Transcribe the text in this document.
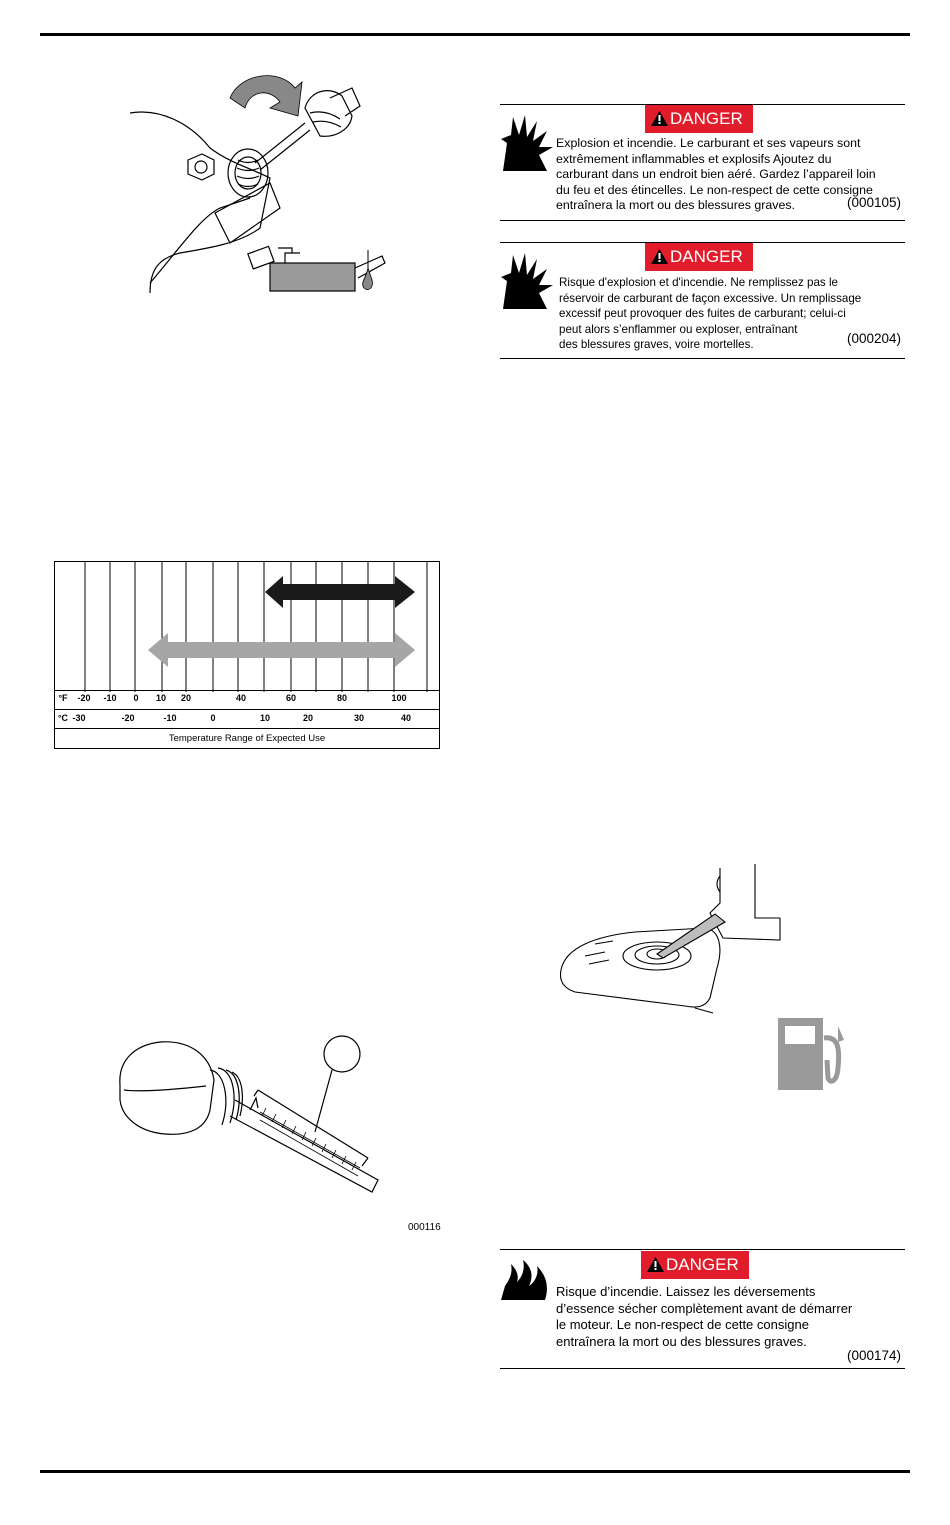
DANGER
Explosion et incendie. Le carburant et ses vapeurs sont
extrêmement inflammables et explosifs Ajoutez du
carburant dans un endroit bien aéré. Gardez l’appareil loin
du feu et des étincelles. Le non-respect de cette consigne
entraînera la mort ou des blessures graves.	(000105)
DANGER
Risque d'explosion et d'incendie. Ne remplissez pas le
réservoir de carburant de façon excessive. Un remplissage
excessif peut provoquer des fuites de carburant; celui-ci
peut alors s’enflammer ou exploser, entraînant
des blessures graves, voire mortelles.	(000204)
°F -20 -10 0 10 20	40	60	80	100
°C -30	-20	-10	0	10	20	30	40
Temperature Range of Expected Use
000116
DANGER
Risque d’incendie. Laissez les déversements
d’essence sécher complètement avant de démarrer
le moteur. Le non-respect de cette consigne
entraînera la mort ou des blessures graves.
(000174)
